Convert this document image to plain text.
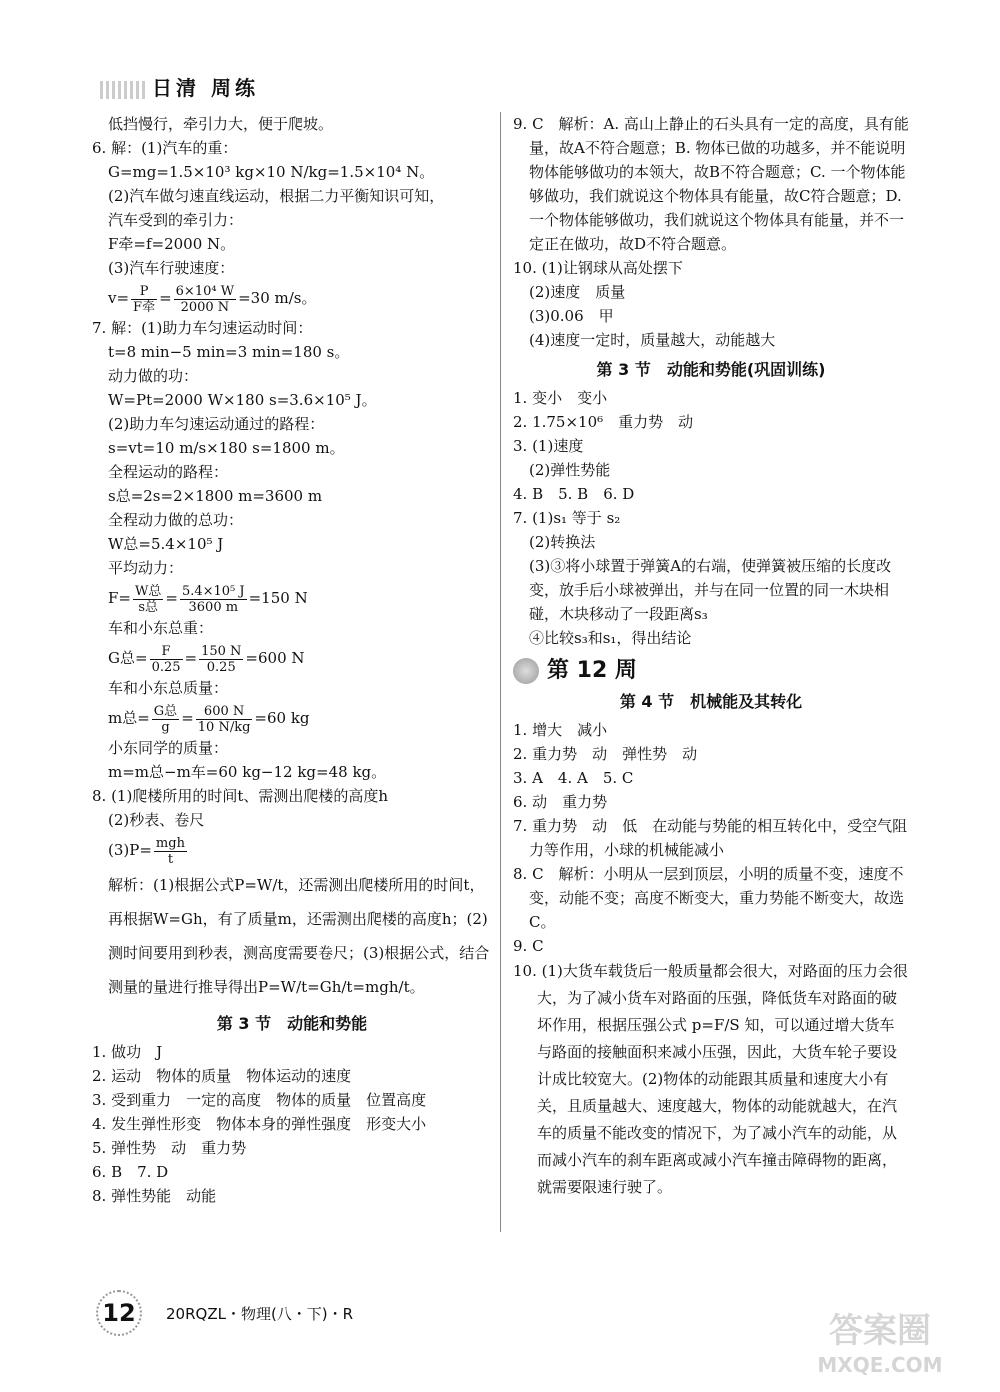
日清 周练
低挡慢行，牵引力大，便于爬坡。
6. 解：(1)汽车的重：
G=mg=1.5×10³ kg×10 N/kg=1.5×10⁴ N。
(2)汽车做匀速直线运动，根据二力平衡知识可知，
汽车受到的牵引力：
F牵=f=2000 N。
(3)汽车行驶速度：
$v= \frac{P}{\text{F牵}} = \frac{\text{6×10⁴ W}}{2000 N} =30$ m/s。
7. 解：(1)助力车匀速运动时间：
t=8 min−5 min=3 min=180 s。
动力做的功：
W=Pt=2000 W×180 s=3.6×10⁵ J。
(2)助力车匀速运动通过的路程：
s=vt=10 m/s×180 s=1800 m。
全程运动的路程：
s总=2s=2×1800 m=3600 m
全程动力做的总功：
W总=5.4×10⁵ J
平均动力：
$F= \frac{\text{W总}}{\text{s总}} = \frac{\text{5.4×10⁵ J}}{3600 m} =150$ N
车和小东总重：
G总= $\frac{F}{0.25} = \frac{150 N}{0.25} =600$ N
车和小东总质量：
m总= $\frac{\text{G总}}{g} = \frac{600 N}{10 N/kg} =60$ kg
小东同学的质量：
m=m总−m车=60 kg−12 kg=48 kg。
8. (1)爬楼所用的时间t、需测出爬楼的高度h
(2)秒表、卷尺
$(3)P= \frac{\text{mgh}}{t}$
解析：(1)根据公式P=W/t，还需测出爬楼所用的时间t，再根据W=Gh，有了质量m，还需测出爬楼的高度h；(2)测时间要用到秒表，测高度需要卷尺；(3)根据公式，结合测量的量进行推导得出P=W/t=Gh/t=mgh/t。
第 3 节　动能和势能
1. 做功　J
2. 运动　物体的质量　物体运动的速度
3. 受到重力　一定的高度　物体的质量　位置高度
4. 发生弹性形变　物体本身的弹性强度　形变大小
5. 弹性势　动　重力势
6. B　7. D
8. 弹性势能　动能
9. C　解析：A. 高山上静止的石头具有一定的高度，具有能量，故A不符合题意；B. 物体已做的功越多，并不能说明物体能够做功的本领大，故B不符合题意；C. 一个物体能够做功，我们就说这个物体具有能量，故C符合题意；D. 一个物体能够做功，我们就说这个物体具有能量，并不一定正在做功，故D不符合题意。
10. (1)让钢球从高处摆下
(2)速度　质量
(3)0.06　甲
(4)速度一定时，质量越大，动能越大
第 3 节　动能和势能(巩固训练)
1. 变小　变小
2. 1.75×10⁶　重力势　动
3. (1)速度
(2)弹性势能
4. B　5. B　6. D
7. (1)s₁ 等于 s₂
(2)转换法
(3)③将小球置于弹簧A的右端，使弹簧被压缩的长度改变，放手后小球被弹出，并与在同一位置的同一木块相碰，木块移动了一段距离s₃
④比较s₃和s₁，得出结论
第 12 周
第 4 节　机械能及其转化
1. 增大　减小
2. 重力势　动　弹性势　动
3. A　4. A　5. C
6. 动　重力势
7. 重力势　动　低　在动能与势能的相互转化中，受空气阻力等作用，小球的机械能减小
8. C　解析：小明从一层到顶层，小明的质量不变，速度不变，动能不变；高度不断变大，重力势能不断变大，故选C。
9. C
10. (1)大货车载货后一般质量都会很大，对路面的压力会很大，为了减小货车对路面的压强，降低货车对路面的破坏作用，根据压强公式 p=F/S 知，可以通过增大货车与路面的接触面积来减小压强，因此，大货车轮子要设计成比较宽大。(2)物体的动能跟其质量和速度大小有关，且质量越大、速度越大，物体的动能就越大，在汽车的质量不能改变的情况下，为了减小汽车的动能，从而减小汽车的刹车距离或减小汽车撞击障碍物的距离，就需要限速行驶了。
12	20RQZL・物理(八・下)・R	答案圈
MXQE.COM
